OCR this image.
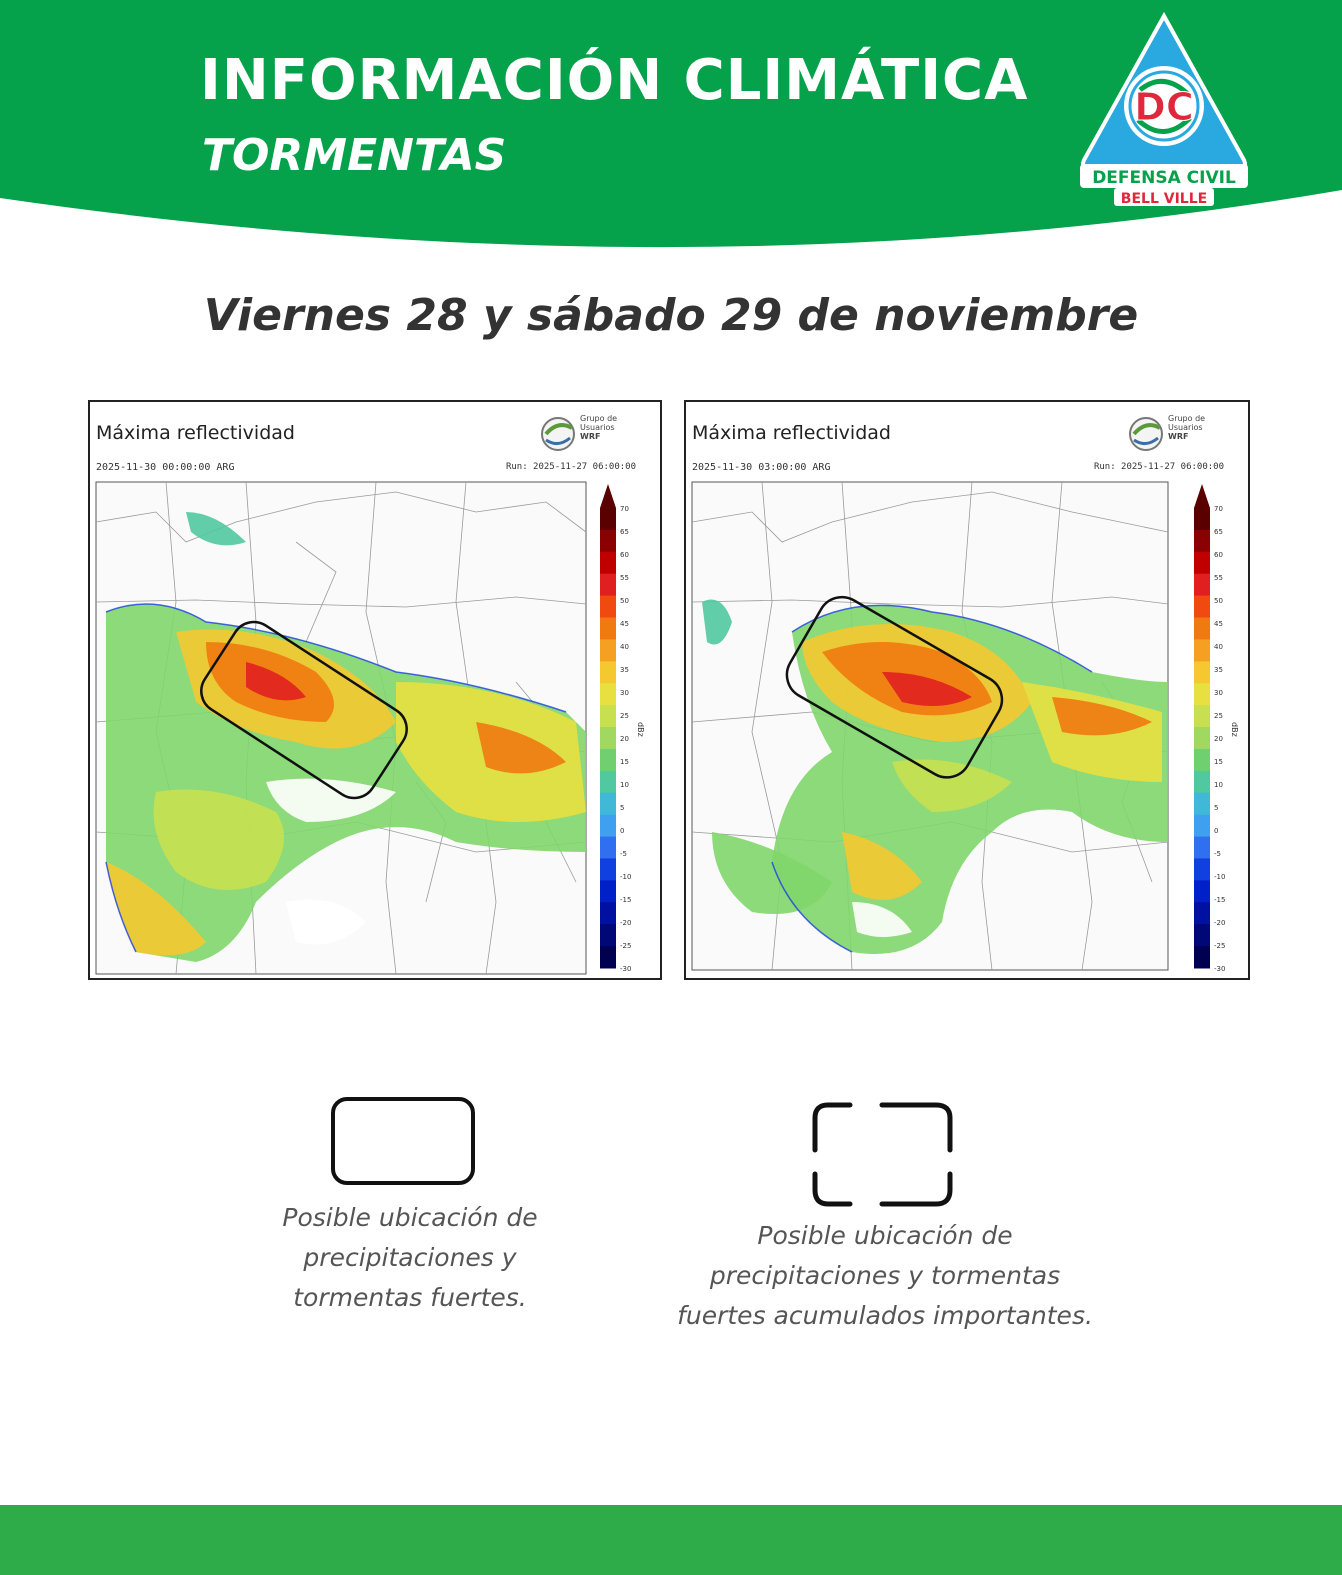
INFORMACIÓN CLIMÁTICA
TORMENTAS
DC
DEFENSA CIVIL
BELL VILLE
Viernes 28 y sábado 29 de noviembre
Máxima reflectividad
Grupo de
Usuarios
WRF
2025-11-30 00:00:00 ARG	Run: 2025-11-27 06:00:00
70
65
60
55
50
45
40
35
30
25
20
15
10
5
0
-5
-10
-15
-20
-25
-30
dBz
Máxima reflectividad
Grupo de
Usuarios
WRF
2025-11-30 03:00:00 ARG	Run: 2025-11-27 06:00:00
70
65
60
55
50
45
40
35
30
25
20
15
10
5
0
-5
-10
-15
-20
-25
-30
dBz
Posible ubicación de
precipitaciones y
tormentas fuertes.
Posible ubicación de
precipitaciones y tormentas
fuertes acumulados importantes.
